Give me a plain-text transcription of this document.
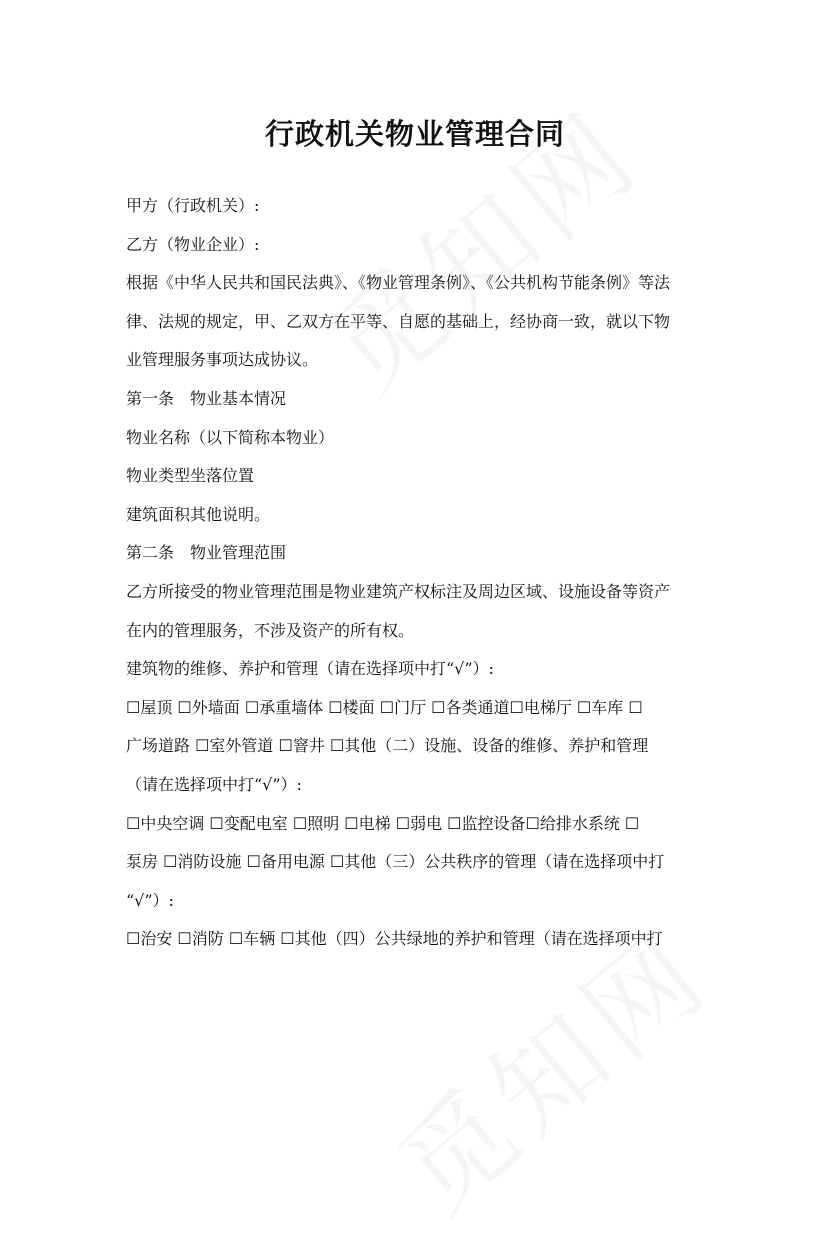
行政机关物业管理合同
甲方（行政机关）:
乙方（物业企业）:
根据《中华人民共和国民法典》、《物业管理条例》、《公共机构节能条例》等法
律、法规的规定，甲、乙双方在平等、自愿的基础上，经协商一致，就以下物
业管理服务事项达成协议。
第一条　物业基本情况
物业名称（以下简称本物业）
物业类型坐落位置
建筑面积其他说明。
第二条　物业管理范围
乙方所接受的物业管理范围是物业建筑产权标注及周边区域、设施设备等资产
在内的管理服务，不涉及资产的所有权。
建筑物的维修、养护和管理（请在选择项中打“√”）:
☐屋顶 ☐外墙面 ☐承重墙体 ☐楼面 ☐门厅 ☐各类通道☐电梯厅 ☐车库 ☐
广场道路 ☐室外管道 ☐窨井 ☐其他（二）设施、设备的维修、养护和管理
（请在选择项中打“√”）:
☐中央空调 ☐变配电室 ☐照明 ☐电梯 ☐弱电 ☐监控设备☐给排水系统 ☐
泵房 ☐消防设施 ☐备用电源 ☐其他（三）公共秩序的管理（请在选择项中打
“√”）:
☐治安 ☐消防 ☐车辆 ☐其他（四）公共绿地的养护和管理（请在选择项中打
